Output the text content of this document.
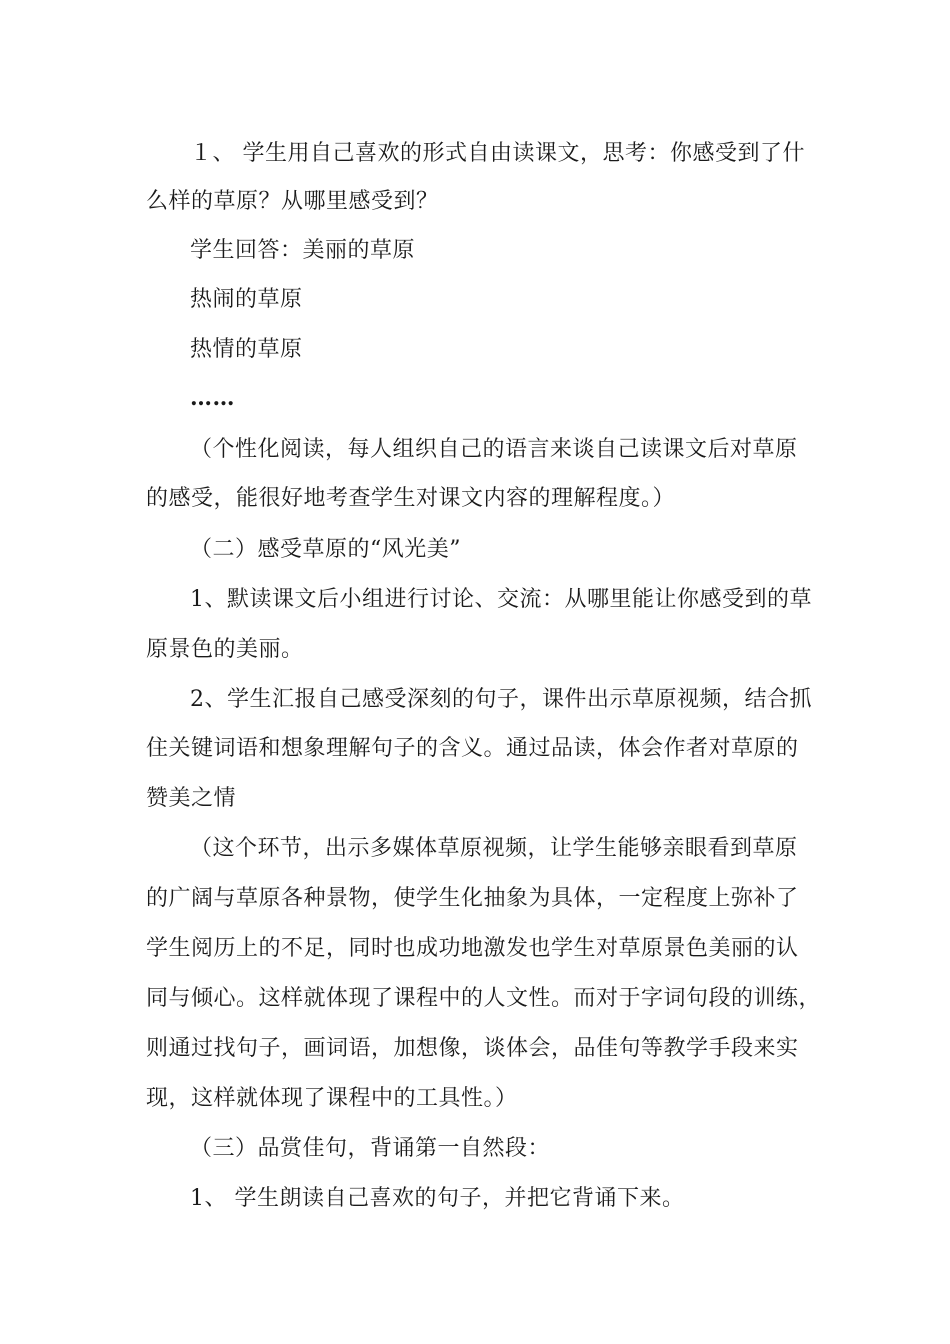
１、 学生用自己喜欢的形式自由读课文，思考：你感受到了什
么样的草原？从哪里感受到？
学生回答：美丽的草原
热闹的草原
热情的草原
……
（个性化阅读，每人组织自己的语言来谈自己读课文后对草原
的感受，能很好地考查学生对课文内容的理解程度。）
（二）感受草原的“风光美”
1、默读课文后小组进行讨论、交流：从哪里能让你感受到的草
原景色的美丽。
2、学生汇报自己感受深刻的句子，课件出示草原视频，结合抓
住关键词语和想象理解句子的含义。通过品读，体会作者对草原的
赞美之情
（这个环节，出示多媒体草原视频，让学生能够亲眼看到草原
的广阔与草原各种景物，使学生化抽象为具体，一定程度上弥补了
学生阅历上的不足，同时也成功地激发也学生对草原景色美丽的认
同与倾心。这样就体现了课程中的人文性。而对于字词句段的训练，
则通过找句子，画词语，加想像，谈体会，品佳句等教学手段来实
现，这样就体现了课程中的工具性。）
（三）品赏佳句，背诵第一自然段：
1、 学生朗读自己喜欢的句子，并把它背诵下来。
